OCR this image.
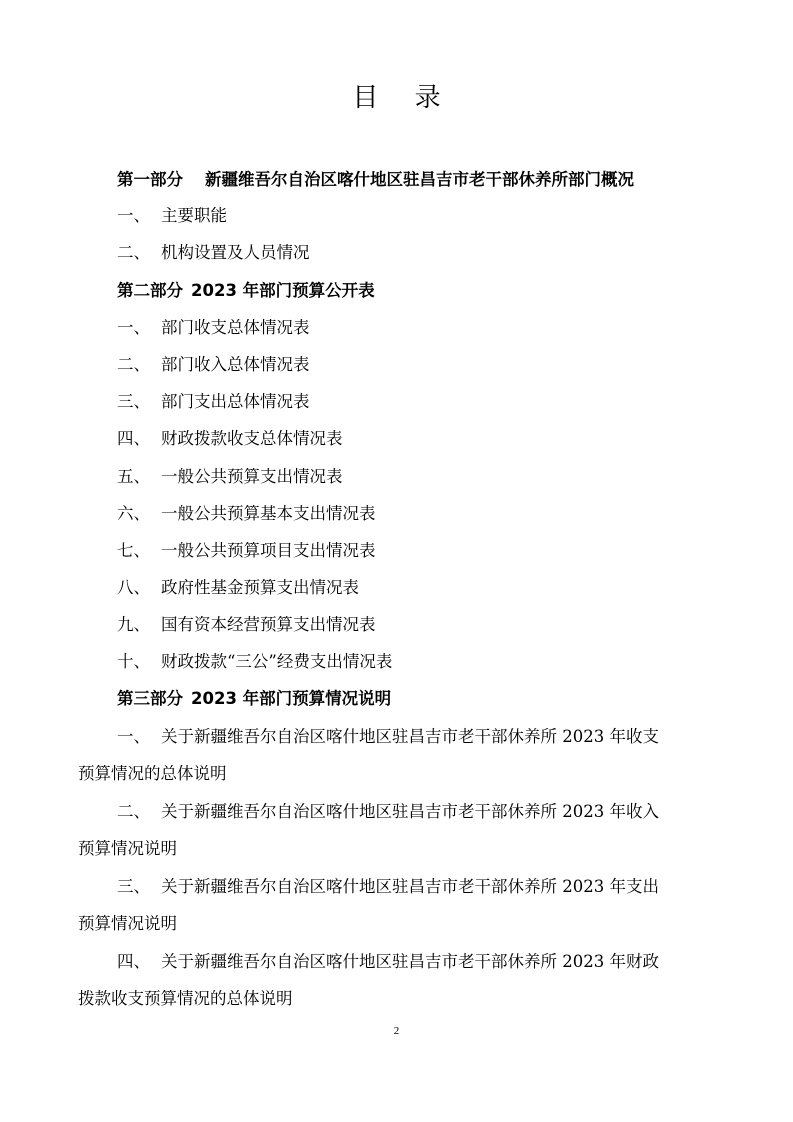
目 录
第一部分 新疆维吾尔自治区喀什地区驻昌吉市老干部休养所部门概况
一、 主要职能
二、 机构设置及人员情况
第二部分 2023 年部门预算公开表
一、 部门收支总体情况表
二、 部门收入总体情况表
三、 部门支出总体情况表
四、 财政拨款收支总体情况表
五、 一般公共预算支出情况表
六、 一般公共预算基本支出情况表
七、 一般公共预算项目支出情况表
八、 政府性基金预算支出情况表
九、 国有资本经营预算支出情况表
十、 财政拨款“三公”经费支出情况表
第三部分 2023 年部门预算情况说明
一、 关于新疆维吾尔自治区喀什地区驻昌吉市老干部休养所 2023 年收支
预算情况的总体说明
二、 关于新疆维吾尔自治区喀什地区驻昌吉市老干部休养所 2023 年收入
预算情况说明
三、 关于新疆维吾尔自治区喀什地区驻昌吉市老干部休养所 2023 年支出
预算情况说明
四、 关于新疆维吾尔自治区喀什地区驻昌吉市老干部休养所 2023 年财政
拨款收支预算情况的总体说明
2
